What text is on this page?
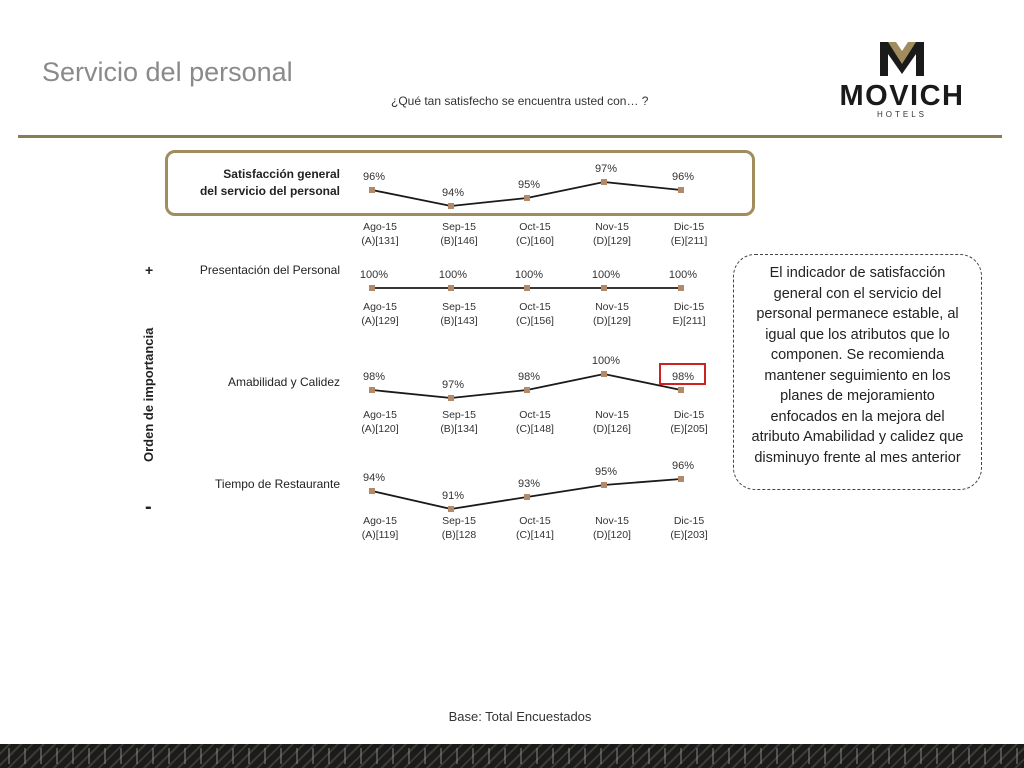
Servicio del personal
¿Qué tan satisfecho se encuentra usted con… ?	MOVICH
HOTELS
Satisfacción general
del servicio del personal
Presentación del Personal
Amabilidad y Calidez
Tiempo de Restaurante
+
Orden de importancia
-
96%
Ago-15
(A)[131]
94%
Sep-15
(B)[146]
95%
Oct-15
(C)[160]
97%
Nov-15
(D)[129]
96%
Dic-15
(E)[211]
100%
Ago-15
(A)[129]
100%
Sep-15
(B)[143]
100%
Oct-15
(C)[156]
100%
Nov-15
(D)[129]
100%
Dic-15
E)[211]
98%
Ago-15
(A)[120]
97%
Sep-15
(B)[134]
98%
Oct-15
(C)[148]
100%
Nov-15
(D)[126]
98%
Dic-15
(E)[205]
94%
Ago-15
(A)[119]
91%
Sep-15
(B)[128
93%
Oct-15
(C)[141]
95%
Nov-15
(D)[120]
96%
Dic-15
(E)[203]
El indicador de satisfacción general con el servicio del personal permanece estable, al igual que los atributos que lo componen. Se recomienda mantener seguimiento en los planes de mejoramiento enfocados en la mejora del atributo Amabilidad y calidez que disminuyo frente al mes anterior
Base: Total Encuestados
